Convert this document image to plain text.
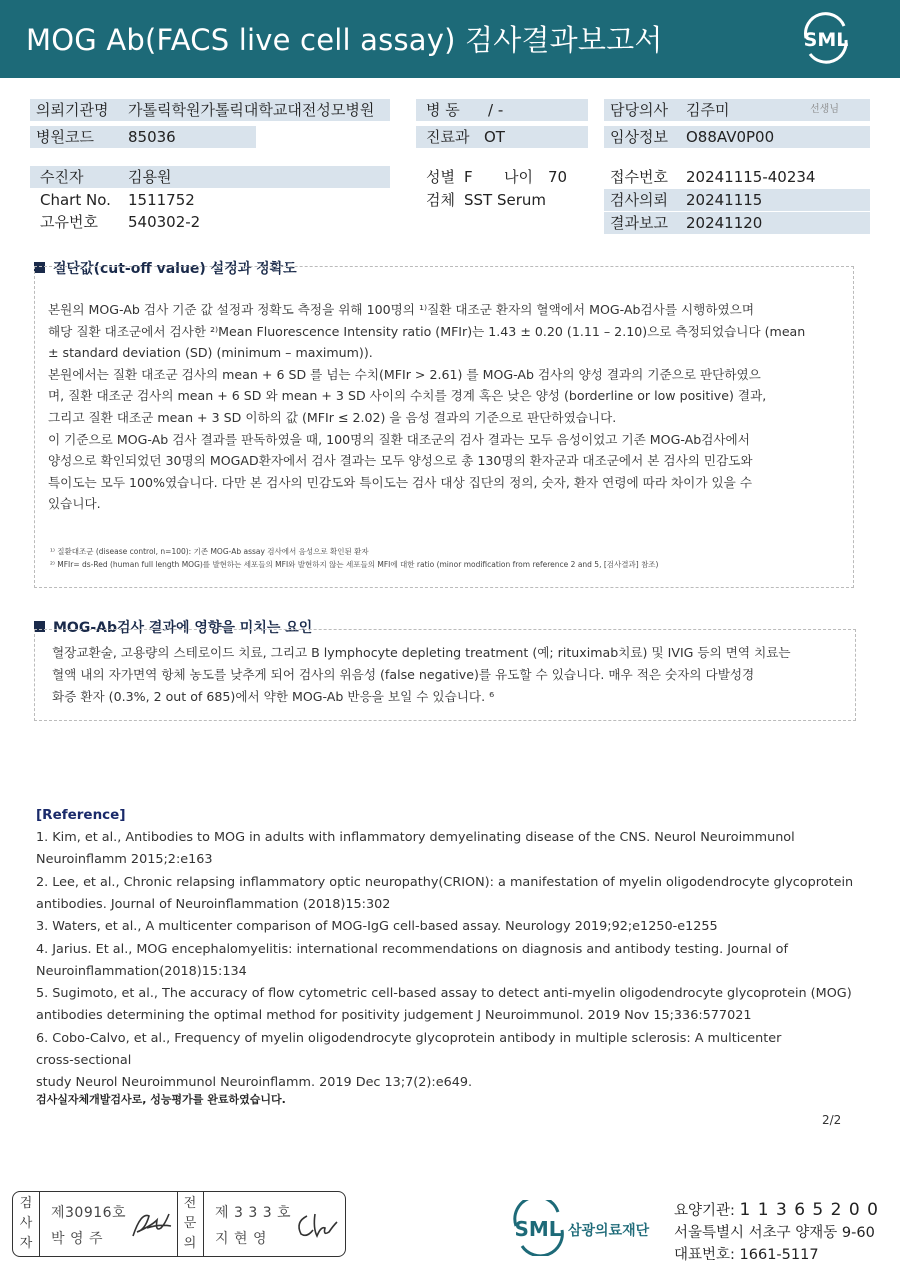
MOG Ab(FACS live cell assay) 검사결과보고서	SML
의뢰기관명 가톨릭학원가톨릭대학교대전성모병원
병원코드 85036
병 동 / -
진료과 OT
담당의사 김주미	선생님
임상정보 O88AV0P00
수진자	김용원
Chart No. 1511752
고유번호 540302-2
성별 F 나이 70
검체 SST Serum
접수번호 20241115-40234
검사의뢰 20241115
결과보고 20241120
절단값(cut-off value) 설정과 정확도
본원의 MOG-Ab 검사 기준 값 설정과 정확도 측정을 위해 100명의 ¹⁾질환 대조군 환자의 혈액에서 MOG-Ab검사를 시행하였으며
해당 질환 대조군에서 검사한 ²⁾Mean Fluorescence Intensity ratio (MFIr)는 1.43 ± 0.20 (1.11 – 2.10)으로 측정되었습니다 (mean
± standard deviation (SD) (minimum – maximum)).
본원에서는 질환 대조군 검사의 mean + 6 SD 를 넘는 수치(MFIr > 2.61) 를 MOG-Ab 검사의 양성 결과의 기준으로 판단하였으
며, 질환 대조군 검사의 mean + 6 SD 와 mean + 3 SD 사이의 수치를 경계 혹은 낮은 양성 (borderline or low positive) 결과,
그리고 질환 대조군 mean + 3 SD 이하의 값 (MFIr ≤ 2.02) 을 음성 결과의 기준으로 판단하였습니다.
이 기준으로 MOG-Ab 검사 결과를 판독하였을 때, 100명의 질환 대조군의 검사 결과는 모두 음성이었고 기존 MOG-Ab검사에서
양성으로 확인되었던 30명의 MOGAD환자에서 검사 결과는 모두 양성으로 총 130명의 환자군과 대조군에서 본 검사의 민감도와
특이도는 모두 100%였습니다. 다만 본 검사의 민감도와 특이도는 검사 대상 집단의 정의, 숫자, 환자 연령에 따라 차이가 있을 수
있습니다.
¹⁾ 질환대조군 (disease control, n=100): 기존 MOG-Ab assay 검사에서 음성으로 확인된 환자
²⁾ MFIr= ds-Red (human full length MOG)를 발현하는 세포들의 MFI와 발현하지 않는 세포들의 MFI에 대한 ratio (minor modification from reference 2 and 5, [검사결과] 참조)
MOG-Ab검사 결과에 영향을 미치는 요인
혈장교환술, 고용량의 스테로이드 치료, 그리고 B lymphocyte depleting treatment (예; rituximab치료) 및 IVIG 등의 면역 치료는
혈액 내의 자가면역 항체 농도를 낮추게 되어 검사의 위음성 (false negative)를 유도할 수 있습니다. 매우 적은 숫자의 다발성경
화증 환자 (0.3%, 2 out of 685)에서 약한 MOG-Ab 반응을 보일 수 있습니다. ⁶
[Reference]
1. Kim, et al., Antibodies to MOG in adults with inflammatory demyelinating disease of the CNS. Neurol Neuroimmunol
Neuroinflamm 2015;2:e163
2. Lee, et al., Chronic relapsing inflammatory optic neuropathy(CRION): a manifestation of myelin oligodendrocyte glycoprotein
antibodies. Journal of Neuroinflammation (2018)15:302
3. Waters, et al., A multicenter comparison of MOG-IgG cell-based assay. Neurology 2019;92;e1250-e1255
4. Jarius. Et al., MOG encephalomyelitis: international recommendations on diagnosis and antibody testing. Journal of
Neuroinflammation(2018)15:134
5. Sugimoto, et al., The accuracy of flow cytometric cell-based assay to detect anti-myelin oligodendrocyte glycoprotein (MOG)
antibodies determining the optimal method for positivity judgement J Neuroimmunol. 2019 Nov 15;336:577021
6. Cobo-Calvo, et al., Frequency of myelin oligodendrocyte glycoprotein antibody in multiple sclerosis: A multicenter
cross-sectional
study Neurol Neuroimmunol Neuroinflamm. 2019 Dec 13;7(2):e649.
검사실자체개발검사로, 성능평가를 완료하였습니다.
2/2
검
사
자
제30916호
박 영 주
전
문
의
제 3 3 3 호
지 현 영	SML 삼광의료재단
요양기관: 1 1 3 6 5 2 0 0
서울특별시 서초구 양재동 9-60
대표번호: 1661-5117
